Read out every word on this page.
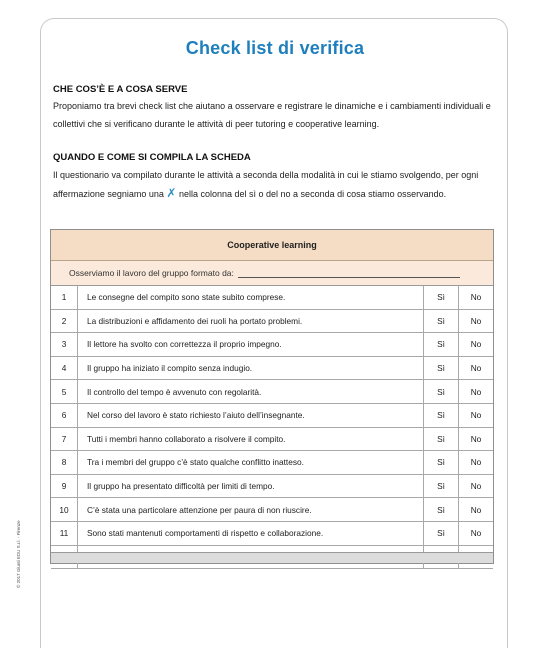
Check list di verifica
CHE COS’È E A COSA SERVE
Proponiamo tra brevi check list che aiutano a osservare e registrare le dinamiche e i cambiamenti individuali e collettivi che si verificano durante le attività di peer tutoring e cooperative learning.
QUANDO E COME SI COMPILA LA SCHEDA
Il questionario va compilato durante le attività a seconda della modalità in cui le stiamo svolgendo, per ogni affermazione segniamo una ✗ nella colonna del sì o del no a seconda di cosa stiamo osservando.
Cooperative learning
Osserviamo il lavoro del gruppo formato da:
1	Le consegne del compito sono state subito comprese.	Sì	No
2	La distribuzioni e affidamento dei ruoli ha portato problemi.	Sì	No
3	Il lettore ha svolto con correttezza il proprio impegno.	Sì	No
4	Il gruppo ha iniziato il compito senza indugio.	Sì	No
5	Il controllo del tempo è avvenuto con regolarità.	Sì	No
6	Nel corso del lavoro è stato richiesto l’aiuto dell’insegnante.	Sì	No
7	Tutti i membri hanno collaborato a risolvere il compito.	Sì	No
8	Tra i membri del gruppo c’è stato qualche conflitto inatteso.	Sì	No
9	Il gruppo ha presentato difficoltà per limiti di tempo.	Sì	No
10	C’è stata una particolare attenzione per paura di non riuscire.	Sì	No
11	Sono stati mantenuti comportamenti di rispetto e collaborazione.	Sì	No
© 2017 Giunti EDU S.r.l. - Firenze
